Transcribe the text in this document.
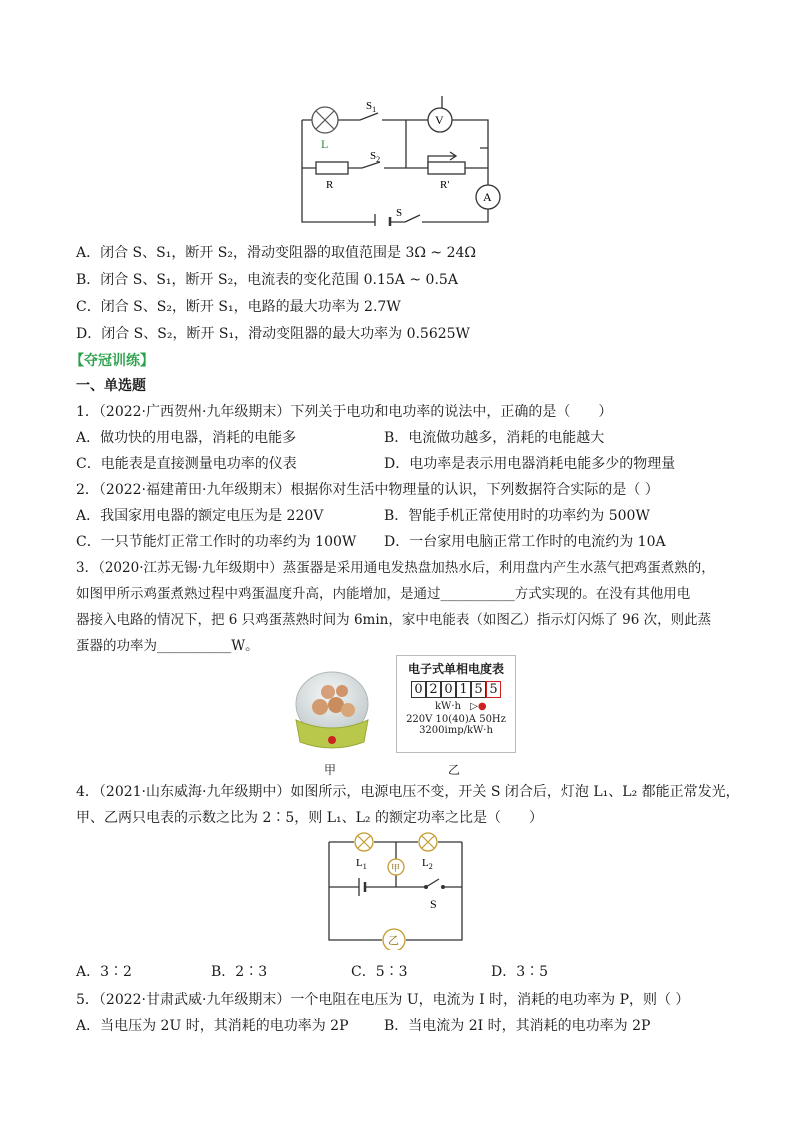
L
$S_1$
$S_2$
V
R	R'
A
S
A．闭合 S、S₁，断开 S₂，滑动变阻器的取值范围是 3Ω ~ 24Ω
B．闭合 S、S₁，断开 S₂，电流表的变化范围 0.15A ~ 0.5A
C．闭合 S、S₂，断开 S₁，电路的最大功率为 2.7W
D．闭合 S、S₂，断开 S₁，滑动变阻器的最大功率为 0.5625W
【夺冠训练】
一、单选题
1．（2022·广西贺州·九年级期末）下列关于电功和电功率的说法中，正确的是（　　）
A．做功快的用电器，消耗的电能多	B．电流做功越多，消耗的电能越大
C．电能表是直接测量电功率的仪表	D．电功率是表示用电器消耗电能多少的物理量
2．（2022·福建莆田·九年级期末）根据你对生活中物理量的认识，下列数据符合实际的是（ ）
A．我国家用电器的额定电压为是 220V	B．智能手机正常使用时的功率约为 500W
C．一只节能灯正常工作时的功率约为 100W D．一台家用电脑正常工作时的电流约为 10A
3．（2020·江苏无锡·九年级期中）蒸蛋器是采用通电发热盘加热水后，利用盘内产生水蒸气把鸡蛋煮熟的，
如图甲所示鸡蛋煮熟过程中鸡蛋温度升高，内能增加，是通过___________方式实现的。在没有其他用电
器接入电路的情况下，把 6 只鸡蛋蒸熟时间为 6min，家中电能表（如图乙）指示灯闪烁了 96 次，则此蒸
蛋器的功率为___________W。
甲
电子式单相电度表
0 2 0 1 5 5
kW·h ▷●
220V 10(40)A 50Hz
3200imp/kW·h
乙
4．（2021·山东威海·九年级期中）如图所示，电源电压不变，开关 S 闭合后，灯泡 L₁、L₂ 都能正常发光，
甲、乙两只电表的示数之比为 2∶5，则 L₁、L₂ 的额定功率之比是（　　）
$L_1$	$L_2$
甲
乙
S
A．3∶2	B．2∶3	C．5∶3	D．3∶5
5．（2022·甘肃武威·九年级期末）一个电阻在电压为 U，电流为 I 时，消耗的电功率为 P，则（ ）
A．当电压为 2U 时，其消耗的电功率为 2P	B．当电流为 2I 时，其消耗的电功率为 2P
